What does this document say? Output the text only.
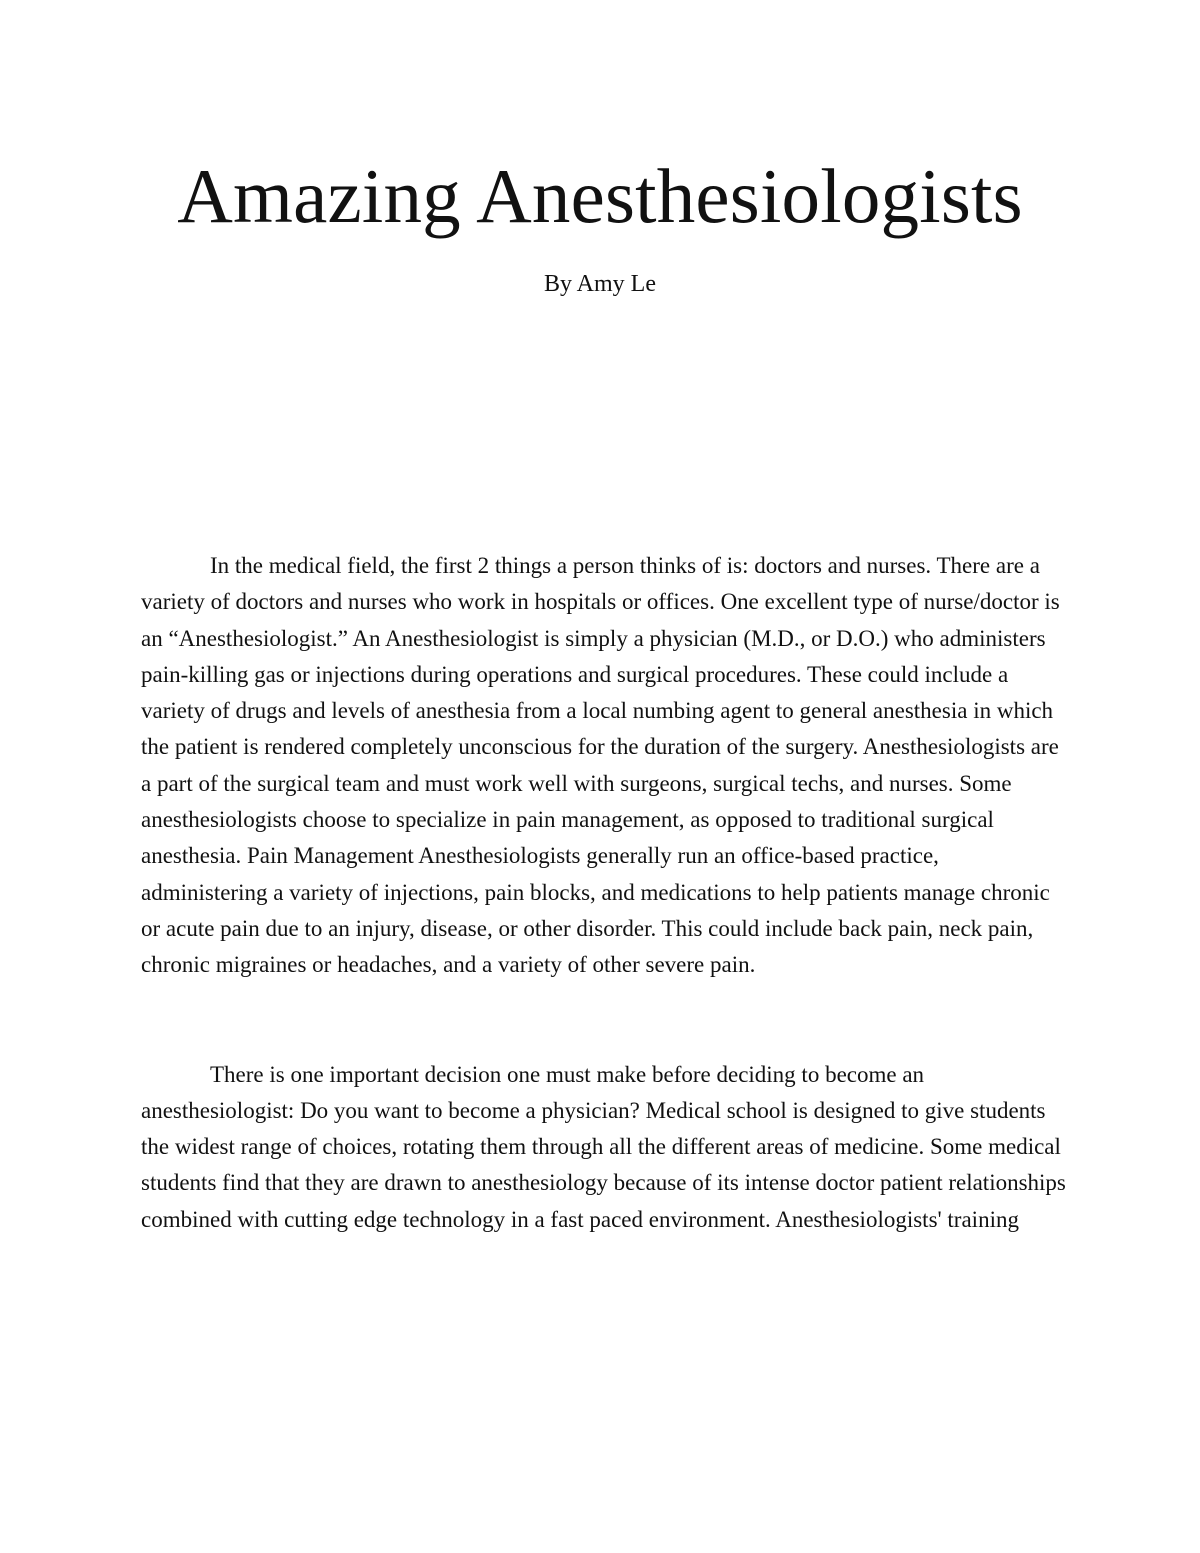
Amazing Anesthesiologists

By Amy Le

In the medical field, the first 2 things a person thinks of is: doctors and nurses. There are a variety of doctors and nurses who work in hospitals or offices. One excellent type of nurse/doctor is an “Anesthesiologist.” An Anesthesiologist is simply a physician (M.D., or D.O.) who administers pain-killing gas or injections during operations and surgical procedures. These could include a variety of drugs and levels of anesthesia from a local numbing agent to general anesthesia in which the patient is rendered completely unconscious for the duration of the surgery. Anesthesiologists are a part of the surgical team and must work well with surgeons, surgical techs, and nurses. Some anesthesiologists choose to specialize in pain management, as opposed to traditional surgical anesthesia. Pain Management Anesthesiologists generally run an office-based practice, administering a variety of injections, pain blocks, and medications to help patients manage chronic or acute pain due to an injury, disease, or other disorder. This could include back pain, neck pain, chronic migraines or headaches, and a variety of other severe pain.

There is one important decision one must make before deciding to become an anesthesiologist: Do you want to become a physician? Medical school is designed to give students the widest range of choices, rotating them through all the different areas of medicine. Some medical students find that they are drawn to anesthesiology because of its intense doctor patient relationships combined with cutting edge technology in a fast paced environment. Anesthesiologists' training
